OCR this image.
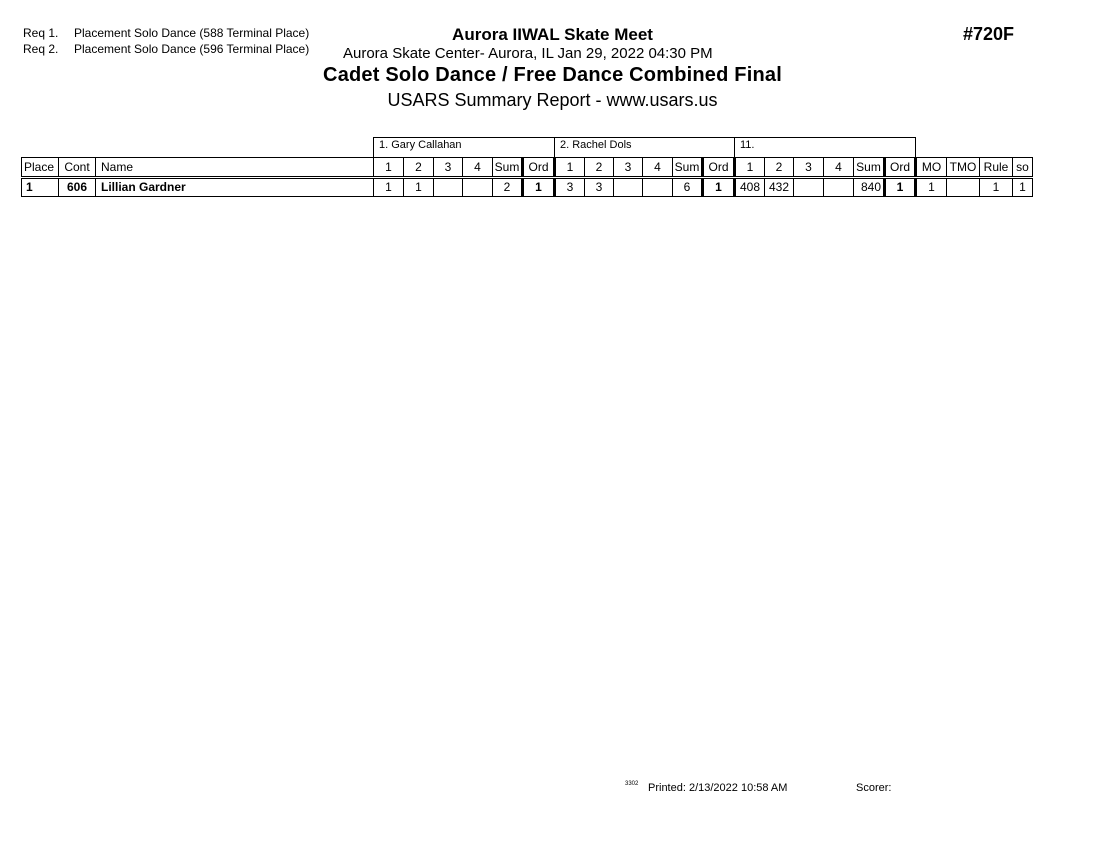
Req 1. Placement Solo Dance (588 Terminal Place)
Req 2. Placement Solo Dance (596 Terminal Place)
Aurora IIWAL Skate Meet
Aurora Skate Center- Aurora, IL Jan 29, 2022 04:30 PM
Cadet Solo Dance / Free Dance Combined Final
USARS Summary Report - www.usars.us
#720F
1. Gary Callahan	2. Rachel Dols	11.
Place	Cont	Name	1	2	3	4	Sum	Ord	1	2	3	4	Sum	Ord	1	2	3	4	Sum	Ord	MO	TMO	Rule	so
1	606	Lillian Gardner	1	1			2	1	3	3			6	1	408	432			840	1	1		1	1
3302 Printed: 2/13/2022 10:58 AM	Scorer:
